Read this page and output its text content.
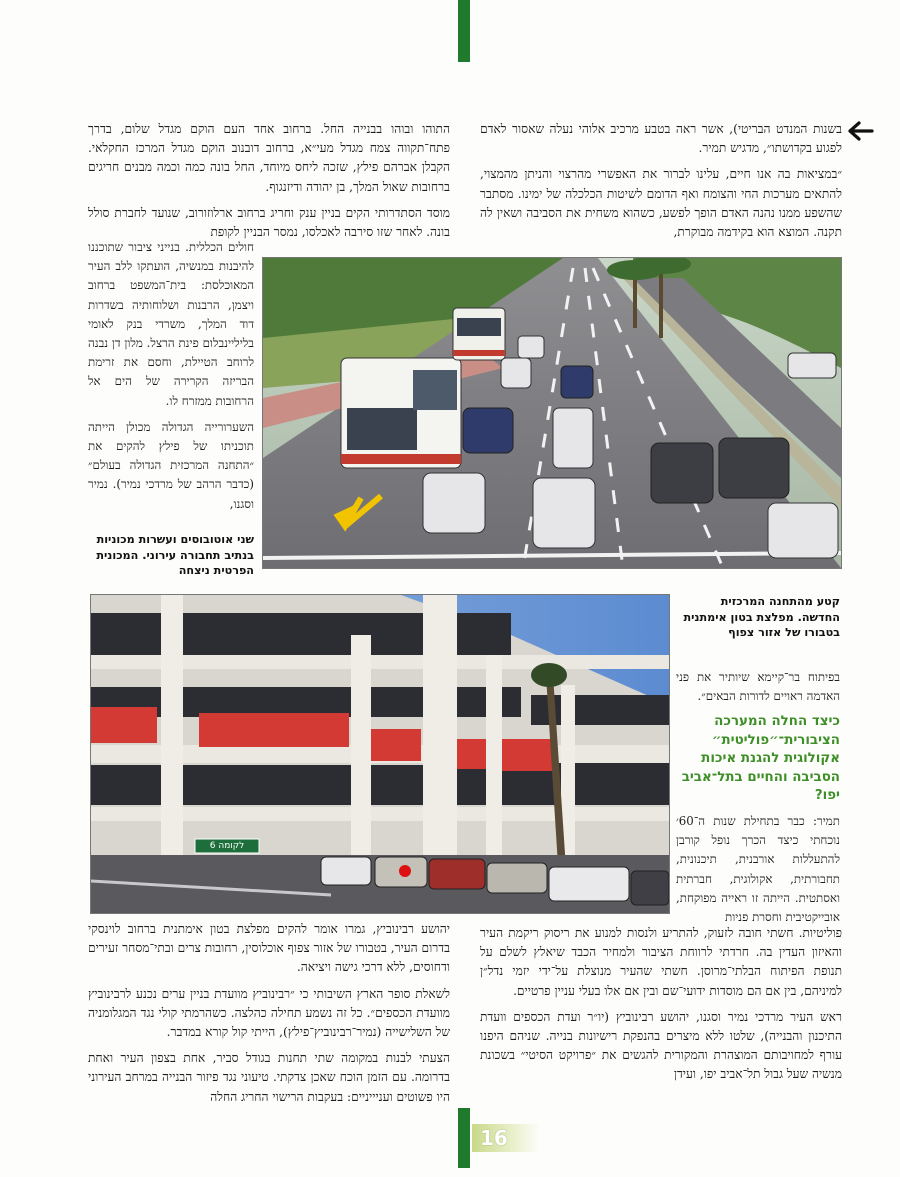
16

בשנות המנדט הבריטי), אשר ראה בטבע מרכיב אלוהי נעלה שאסור לאדם לפגוע בקדושתו״, מדגיש תמיר.

״במציאות בה אנו חיים, עלינו לברור את האפשרי מהרצוי והניתן מהמצוי, להתאים מערכות החי והצומח ואף הדומם לשיטות הכלכלה של ימינו. מסתבר שהשפע ממנו נהנה האדם הופך לפשע, כשהוא משחית את הסביבה ושאין לה תקנה. המוצא הוא בקידמה מבוקרת,

התוהו ובוהו בבנייה החל. ברחוב אחד העם הוקם מגדל שלום, בדרך פתח־תקווה צמח מגדל מעי״א, ברחוב דובנוב הוקם מגדל המרכז החקלאי. הקבלן אברהם פילץ, שזכה ליחס מיוחד, החל בונה כמה וכמה מבנים חריגים ברחובות שאול המלך, בן יהודה ודיזנגוף.

מוסד הסתדרותי הקים בניין ענק וחריג ברחוב ארלוזורוב, שנועד לחברת סולל בונה. לאחר שזו סירבה לאכלסו, נמסר הבניין לקופת

חולים הכללית. בנייני ציבור שתוכננו להיבנות במנשיה, הועתקו ללב העיר המאוכלסת: בית־המשפט ברחוב ויצמן, הרבנות ושלוחותיה בשדרות דוד המלך, משרדי בנק לאומי בליליינבלום פינת הרצל. מלון דן נבנה לרוחב הטיילת, וחסם את זרימת הבריזה הקרירה של הים אל הרחובות ממזרח לו.

השערורייה הגדולה מכולן הייתה תוכניתו של פילץ להקים את ״התחנה המרכזית הגדולה בעולם״ (כדבר הרהב של מרדכי נמיר). נמיר וסגנו,

שני אוטובוסים ועשרות מכוניות בנתיב תחבורה עירוני. המכונית הפרטית ניצחה
קטע מהתחנה המרכזית החדשה. מפלצת בטון אימתנית בטבורו של אזור צפוף
לקומה 6

בפיתוח בר־קיימא שיותיר את פני האדמה ראויים לדורות הבאים״.

כיצד החלה המערכה הציבורית־״פוליטית״ אקולוגית להגנת איכות הסביבה והחיים בתל־אביב יפו?

תמיר: כבר בתחילת שנות ה־60׳ נוכחתי כיצד הכרך נופל קורבן להתעללות אורבנית, תיכנונית, תחבורתית, אקולוגית, חברתית ואסתטית. הייתה זו ראייה מפוקחת, אובייקטיבית וחסרת פניות

פוליטיות. חשתי חובה לזעוק, להתריע ולנסות למנוע את ריסוק ריקמת העיר והאיזון העדין בה. חרדתי לרווחת הציבור ולמחיר הכבד שיאלץ לשלם על תנופת הפיתוח הבלתי־מרוסן. חשתי שהעיר מנוצלת על־ידי יזמי נדל״ן למיניהם, בין אם הם מוסדות ידועי־שם ובין אם אלו בעלי עניין פרטיים.

ראש העיר מרדכי נמיר וסגנו, יהושע רבינוביץ (יו״ר ועדת הכספים וועדת התיכנון והבנייה), שלטו ללא מיצרים בהנפקת רישיונות בנייה. שניהם היפנו עורף למחויבותם המוצהרת והמקורית להגשים את ״פרויקט הסיטי״ בשכונת מנשיה שעל גבול תל־אביב יפו, ועידן

יהושע רבינוביץ, גמרו אומר להקים מפלצת בטון אימתנית ברחוב לוינסקי בדרום העיר, בטבורו של אזור צפוף אוכלוסין, רחובות צרים ובתי־מסחר זעירים ודחוסים, ללא דרכי גישה ויציאה.

לשאלת סופר הארץ השיבותי כי ״רבינוביץ מוועדת בניין ערים נכנע לרבינוביץ מוועדת הכספים״. כל זה נשמע תחילה כהלצה. כשהרמתי קולי נגד המגלומניה של השלישייה (נמיר־רבינוביץ־פילץ), הייתי קול קורא במדבר.

הצעתי לבנות במקומה שתי תחנות בגודל סביר, אחת בצפון העיר ואחת בדרומה. עם הזמן הוכח שאכן צדקתי. טיעוני נגד פיזור הבנייה במרחב העירוני היו פשוטים ועניייניים: בעקבות הרישוי החריג החלה
